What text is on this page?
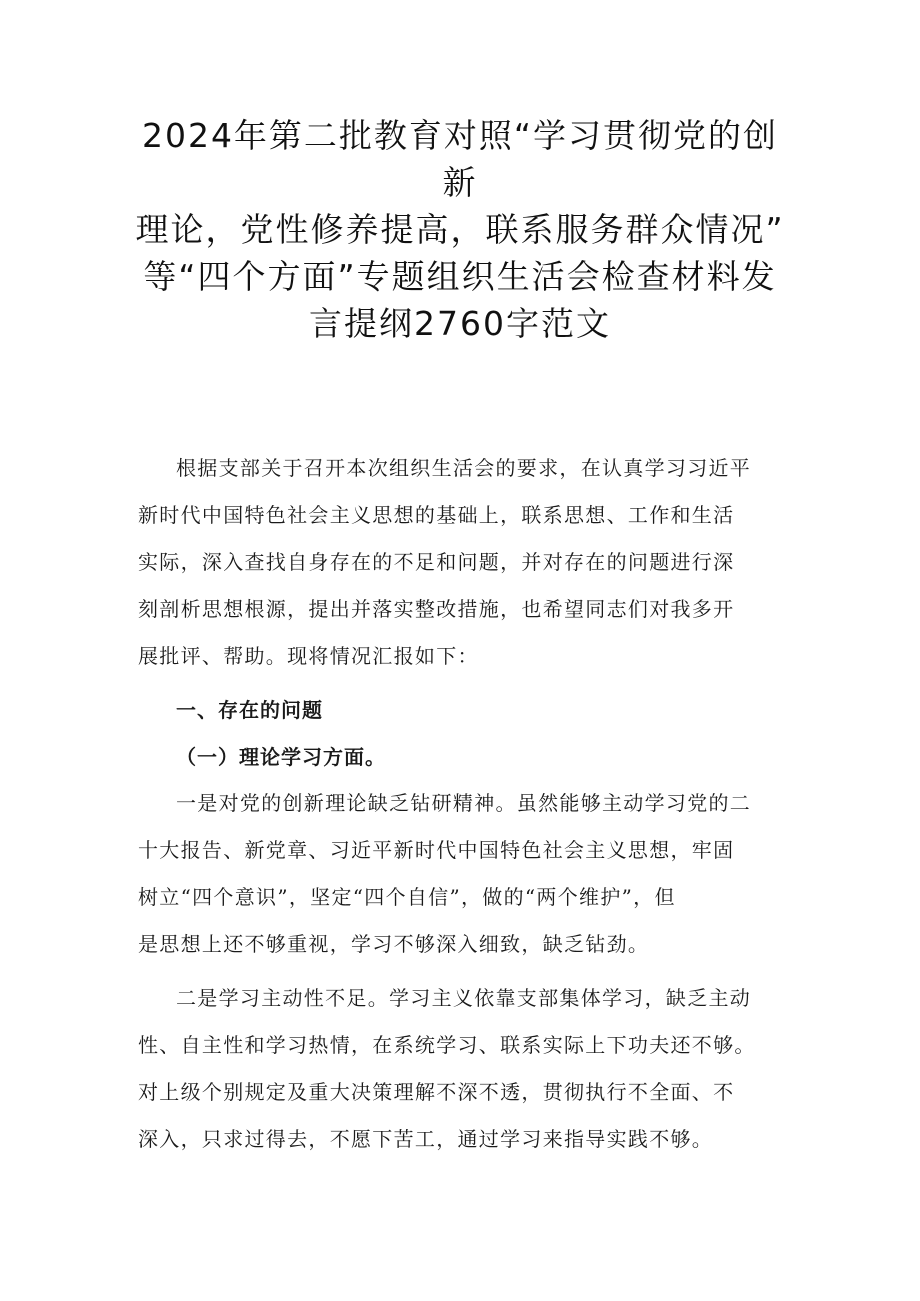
2024年第二批教育对照“学习贯彻党的创
新
理论，党性修养提高，联系服务群众情况”
等“四个方面”专题组织生活会检查材料发
言提纲2760字范文
根据支部关于召开本次组织生活会的要求，在认真学习习近平
新时代中国特色社会主义思想的基础上，联系思想、工作和生活
实际，深入查找自身存在的不足和问题，并对存在的问题进行深
刻剖析思想根源，提出并落实整改措施，也希望同志们对我多开
展批评、帮助。现将情况汇报如下：
一、存在的问题
（一）理论学习方面。
一是对党的创新理论缺乏钻研精神。虽然能够主动学习党的二
十大报告、新党章、习近平新时代中国特色社会主义思想，牢固
树立“四个意识”，坚定“四个自信”，做的“两个维护”，但
是思想上还不够重视，学习不够深入细致，缺乏钻劲。
二是学习主动性不足。学习主义依靠支部集体学习，缺乏主动
性、自主性和学习热情，在系统学习、联系实际上下功夫还不够。
对上级个别规定及重大决策理解不深不透，贯彻执行不全面、不
深入，只求过得去，不愿下苦工，通过学习来指导实践不够。
